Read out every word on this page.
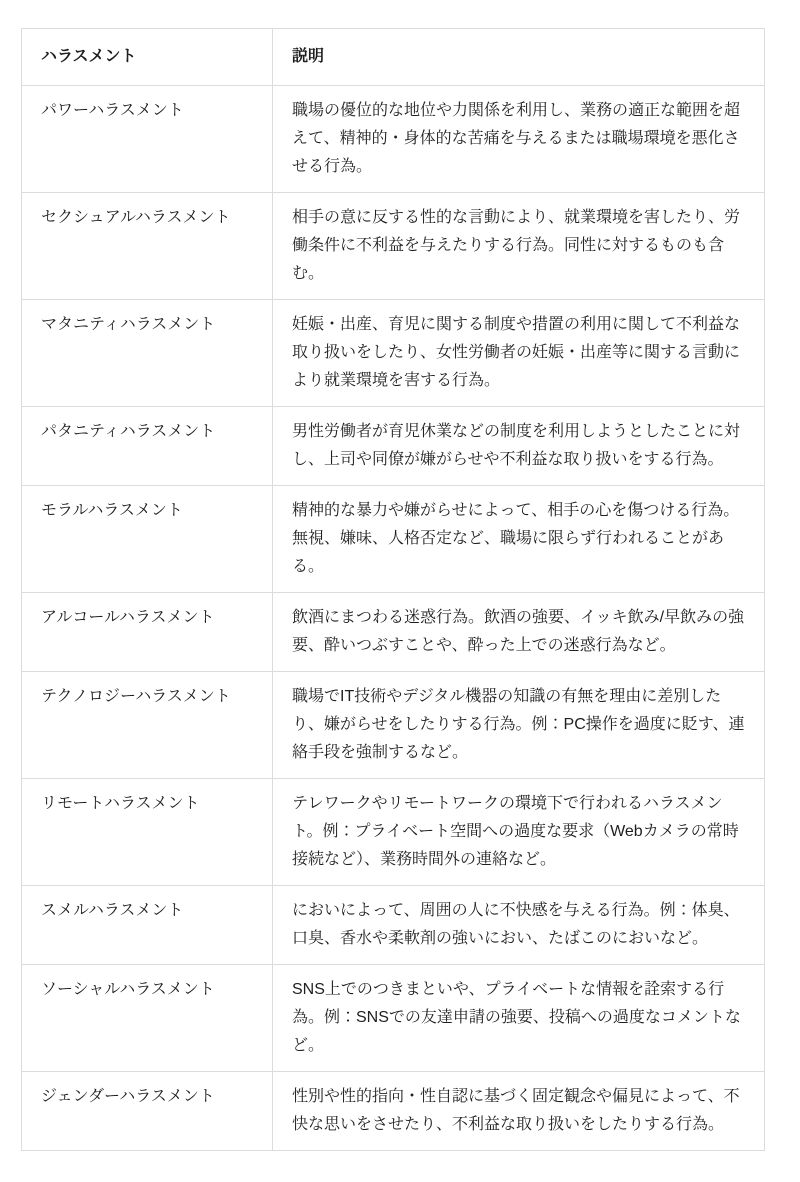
ハラスメント	説明
パワーハラスメント	職場の優位的な地位や力関係を利用し、業務の適正な範囲を超えて、精神的・身体的な苦痛を与えるまたは職場環境を悪化させる行為。
セクシュアルハラスメント	相手の意に反する性的な言動により、就業環境を害したり、労働条件に不利益を与えたりする行為。同性に対するものも含む。
マタニティハラスメント	妊娠・出産、育児に関する制度や措置の利用に関して不利益な取り扱いをしたり、女性労働者の妊娠・出産等に関する言動により就業環境を害する行為。
パタニティハラスメント	男性労働者が育児休業などの制度を利用しようとしたことに対し、上司や同僚が嫌がらせや不利益な取り扱いをする行為。
モラルハラスメント	精神的な暴力や嫌がらせによって、相手の心を傷つける行為。無視、嫌味、人格否定など、職場に限らず行われることがある。
アルコールハラスメント	飲酒にまつわる迷惑行為。飲酒の強要、イッキ飲み/早飲みの強要、酔いつぶすことや、酔った上での迷惑行為など。
テクノロジーハラスメント	職場でIT技術やデジタル機器の知識の有無を理由に差別したり、嫌がらせをしたりする行為。例：PC操作を過度に貶す、連絡手段を強制するなど。
リモートハラスメント	テレワークやリモートワークの環境下で行われるハラスメント。例：プライベート空間への過度な要求（Webカメラの常時接続など）、業務時間外の連絡など。
スメルハラスメント	においによって、周囲の人に不快感を与える行為。例：体臭、口臭、香水や柔軟剤の強いにおい、たばこのにおいなど。
ソーシャルハラスメント	SNS上でのつきまといや、プライベートな情報を詮索する行為。例：SNSでの友達申請の強要、投稿への過度なコメントなど。
ジェンダーハラスメント	性別や性的指向・性自認に基づく固定観念や偏見によって、不快な思いをさせたり、不利益な取り扱いをしたりする行為。
